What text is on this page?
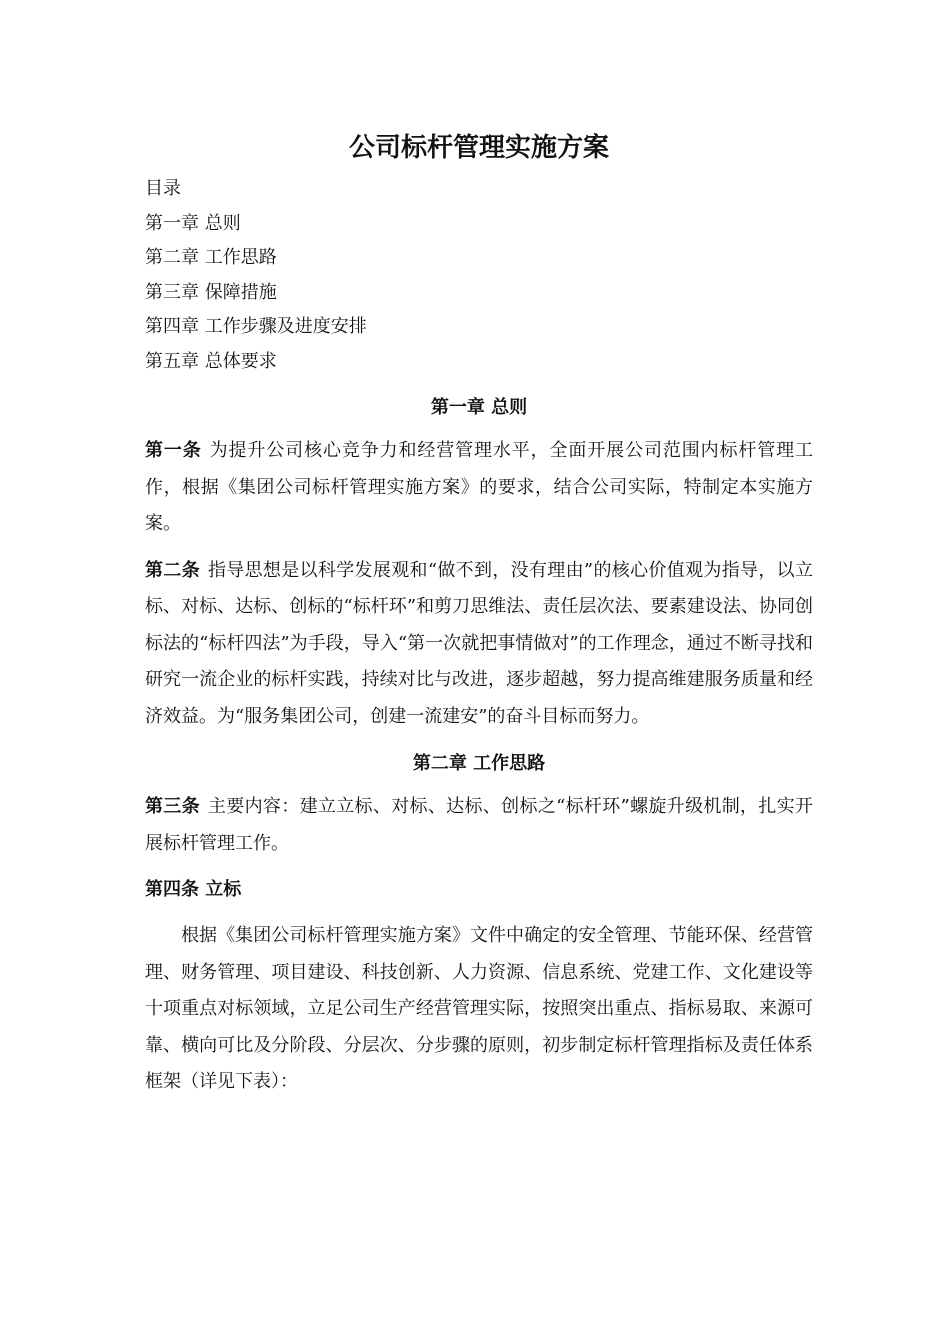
公司标杆管理实施方案
目录
第一章 总则
第二章 工作思路
第三章 保障措施
第四章 工作步骤及进度安排
第五章 总体要求
第一章 总则

第一条 为提升公司核心竞争力和经营管理水平，全面开展公司范围内标杆管理工作，根据《集团公司标杆管理实施方案》的要求，结合公司实际，特制定本实施方案。

第二条 指导思想是以科学发展观和“做不到，没有理由”的核心价值观为指导，以立标、对标、达标、创标的“标杆环”和剪刀思维法、责任层次法、要素建设法、协同创标法的“标杆四法”为手段，导入“第一次就把事情做对”的工作理念，通过不断寻找和研究一流企业的标杆实践，持续对比与改进，逐步超越，努力提高维建服务质量和经济效益。为“服务集团公司，创建一流建安”的奋斗目标而努力。

第二章 工作思路

第三条 主要内容：建立立标、对标、达标、创标之“标杆环”螺旋升级机制，扎实开展标杆管理工作。

第四条 立标

根据《集团公司标杆管理实施方案》文件中确定的安全管理、节能环保、经营管理、财务管理、项目建设、科技创新、人力资源、信息系统、党建工作、文化建设等十项重点对标领域，立足公司生产经营管理实际，按照突出重点、指标易取、来源可靠、横向可比及分阶段、分层次、分步骤的原则，初步制定标杆管理指标及责任体系框架（详见下表）：
